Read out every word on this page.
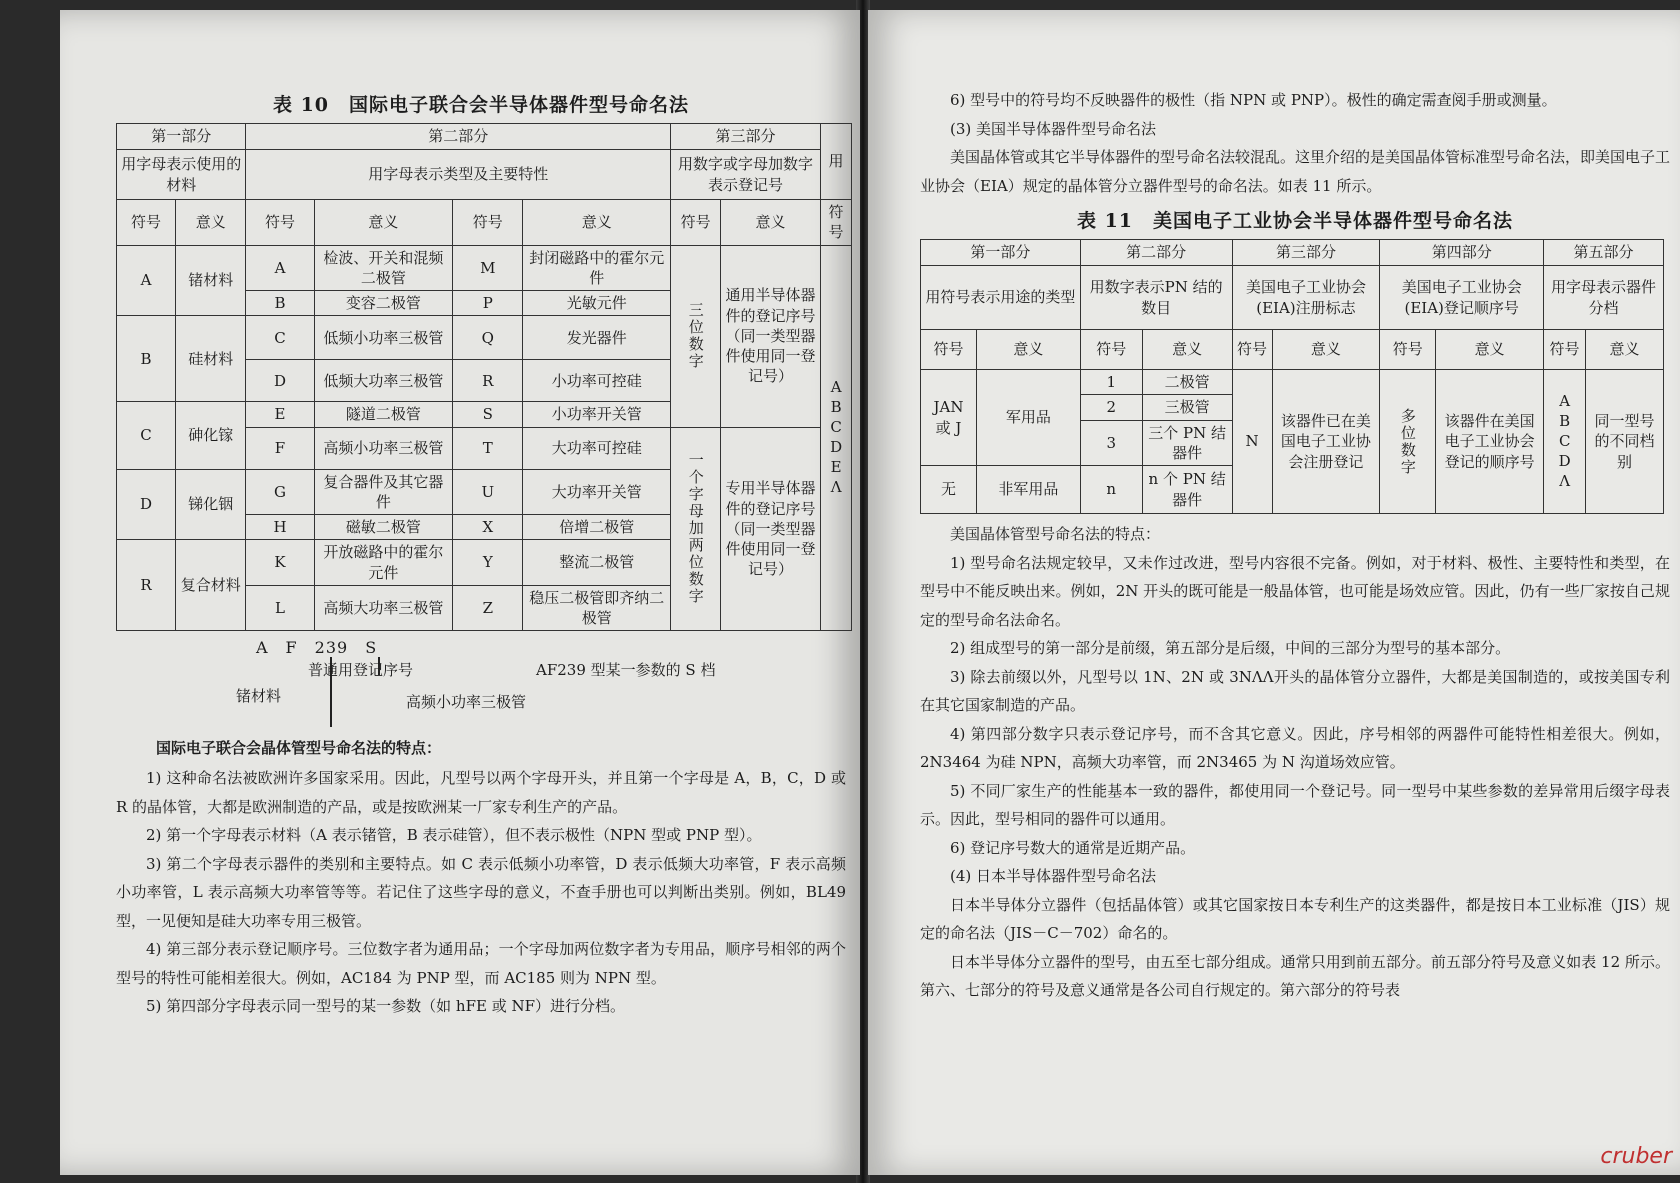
表 10　国际电子联合会半导体器件型号命名法
第一部分		第二部分				第三部分		用
用字母表示使用的材料		用字母表示类型及主要特性				用数字或字母加数字表示登记号		
符号	意义	符号	意义	符号	意义	符号	意义	符号
A	锗材料	A	检波、开关和混频二极管	M	封闭磁路中的霍尔元件	三位数字	通用半导体器件的登记序号（同一类型器件使用同一登记号）	ABCDEΛ
		B	变容二极管	P	光敏元件			
B	硅材料	C	低频小功率三极管	Q	发光器件			
		D	低频大功率三极管	R	小功率可控硅			
C	砷化镓	E	隧道二极管	S	小功率开关管			
		F	高频小功率三极管	T	大功率可控硅	一个字母加两位数字	专用半导体器件的登记序号（同一类型器件使用同一登记号）	
D	锑化铟	G	复合器件及其它器件	U	大功率开关管			
		H	磁敏二极管	X	倍增二极管			
R	复合材料	K	开放磁路中的霍尔元件	Y	整流二极管			
		L	高频大功率三极管	Z	稳压二极管即齐纳二极管			
A　F　239　S
普通用登记序号	AF239 型某一参数的 S 档
锗材料	高频小功率三极管
国际电子联合会晶体管型号命名法的特点：

1) 这种命名法被欧洲许多国家采用。因此，凡型号以两个字母开头，并且第一个字母是 A，B，C，D 或 R 的晶体管，大都是欧洲制造的产品，或是按欧洲某一厂家专利生产的产品。

2) 第一个字母表示材料（A 表示锗管，B 表示硅管），但不表示极性（NPN 型或 PNP 型）。

3) 第二个字母表示器件的类别和主要特点。如 C 表示低频小功率管，D 表示低频大功率管，F 表示高频小功率管，L 表示高频大功率管等等。若记住了这些字母的意义，不查手册也可以判断出类别。例如，BL49 型，一见便知是硅大功率专用三极管。

4) 第三部分表示登记顺序号。三位数字者为通用品；一个字母加两位数字者为专用品，顺序号相邻的两个型号的特性可能相差很大。例如，AC184 为 PNP 型，而 AC185 则为 NPN 型。

5) 第四部分字母表示同一型号的某一参数（如 hFE 或 NF）进行分档。

6) 型号中的符号均不反映器件的极性（指 NPN 或 PNP）。极性的确定需查阅手册或测量。

(3) 美国半导体器件型号命名法

美国晶体管或其它半导体器件的型号命名法较混乱。这里介绍的是美国晶体管标准型号命名法，即美国电子工业协会（EIA）规定的晶体管分立器件型号的命名法。如表 11 所示。

表 11　美国电子工业协会半导体器件型号命名法
第一部分		第二部分		第三部分		第四部分		第五部分	
用符号表示用途的类型		用数字表示PN 结的数目		美国电子工业协会(EIA)注册标志		美国电子工业协会(EIA)登记顺序号		用字母表示器件分档	
符号	意义	符号	意义	符号	意义	符号	意义	符号	意义
JAN 或 J	军用品	1	二极管	N	该器件已在美国电子工业协会注册登记	多位数字	该器件在美国电子工业协会登记的顺序号	ABCDΛ	同一型号的不同档别
		2	三极管						
		3	三个 PN 结器件						
无	非军用品	n	n 个 PN 结器件						

美国晶体管型号命名法的特点：

1) 型号命名法规定较早，又未作过改进，型号内容很不完备。例如，对于材料、极性、主要特性和类型，在型号中不能反映出来。例如，2N 开头的既可能是一般晶体管，也可能是场效应管。因此，仍有一些厂家按自己规定的型号命名法命名。

2) 组成型号的第一部分是前缀，第五部分是后缀，中间的三部分为型号的基本部分。

3) 除去前缀以外，凡型号以 1N、2N 或 3NΛΛ开头的晶体管分立器件，大都是美国制造的，或按美国专利在其它国家制造的产品。

4) 第四部分数字只表示登记序号，而不含其它意义。因此，序号相邻的两器件可能特性相差很大。例如，2N3464 为硅 NPN，高频大功率管，而 2N3465 为 N 沟道场效应管。

5) 不同厂家生产的性能基本一致的器件，都使用同一个登记号。同一型号中某些参数的差异常用后缀字母表示。因此，型号相同的器件可以通用。

6) 登记序号数大的通常是近期产品。

(4) 日本半导体器件型号命名法

日本半导体分立器件（包括晶体管）或其它国家按日本专利生产的这类器件，都是按日本工业标准（JIS）规定的命名法（JIS－C－702）命名的。

日本半导体分立器件的型号，由五至七部分组成。通常只用到前五部分。前五部分符号及意义如表 12 所示。第六、七部分的符号及意义通常是各公司自行规定的。第六部分的符号表

cruber
